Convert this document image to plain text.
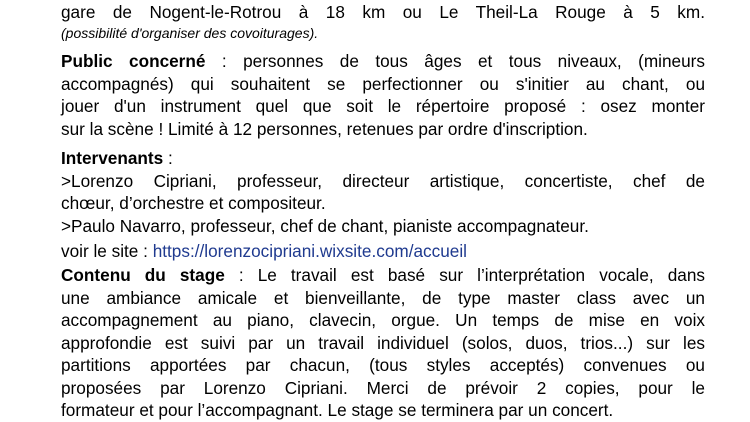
gare de Nogent-le-Rotrou à 18 km ou Le Theil-La Rouge à 5 km.
(possibilité d'organiser des covoiturages).
Public concerné : personnes de tous âges et tous niveaux, (mineurs
accompagnés) qui souhaitent se perfectionner ou s'initier au chant, ou
jouer d'un instrument quel que soit le répertoire proposé : osez monter
sur la scène ! Limité à 12 personnes, retenues par ordre d'inscription.
Intervenants :
>Lorenzo Cipriani, professeur, directeur artistique, concertiste, chef de
chœur, d’orchestre et compositeur.
>Paulo Navarro, professeur, chef de chant, pianiste accompagnateur.
voir le site : https://lorenzocipriani.wixsite.com/accueil
Contenu du stage : Le travail est basé sur l’interprétation vocale, dans
une ambiance amicale et bienveillante, de type master class avec un
accompagnement au piano, clavecin, orgue. Un temps de mise en voix
approfondie est suivi par un travail individuel (solos, duos, trios...) sur les
partitions apportées par chacun, (tous styles acceptés) convenues ou
proposées par Lorenzo Cipriani. Merci de prévoir 2 copies, pour le
formateur et pour l’accompagnant. Le stage se terminera par un concert.
